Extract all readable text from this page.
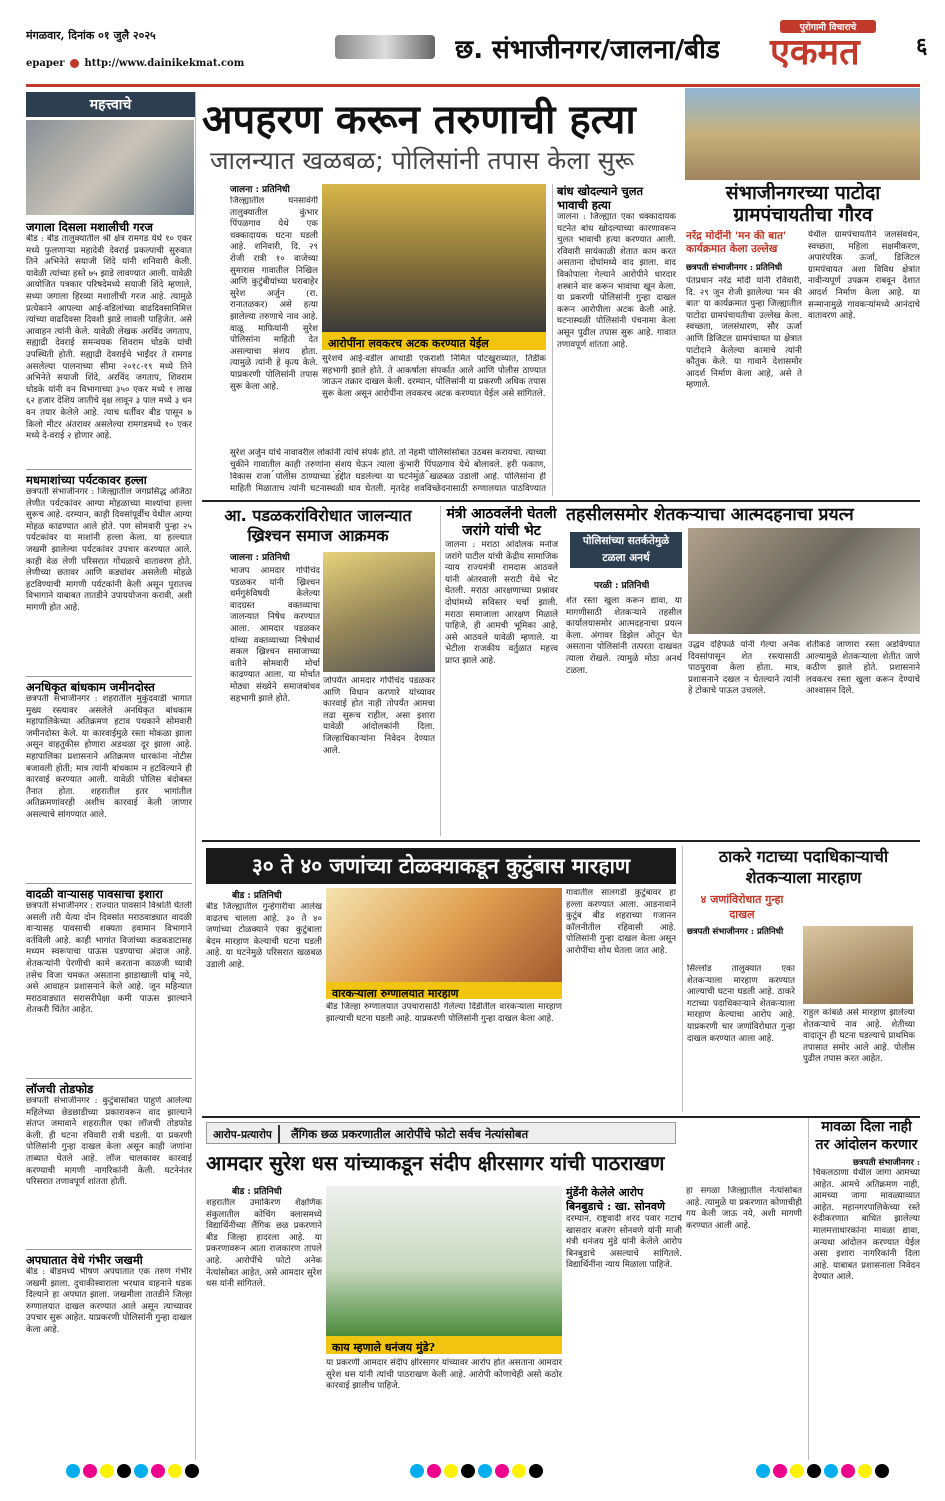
मंगळवार, दिनांक ०१ जुलै २०२५
epaper http://www.dainikekmat.com	छ. संभाजीनगर/जालना/बीड
पुरोगामी विचाराचे
एकमत	६
महत्त्वाचे
जगाला दिसला मशालीची गरज
बीड : बीड तालुक्यातील श्री क्षेत्र रामगड येथे १० एकर मध्ये फुलणाऱ्या महादेवी देवराई प्रकल्पाची सुरुवात तिने अभिनेते सयाजी शिंदे यांनी शनिवारी केली. यावेळी त्यांच्या हस्ते ७५ झाडे लावण्यात आली. यावेळी आयोजित पत्रकार परिषदेमध्ये सयाजी शिंदे म्हणाले, सध्या जगाला हिरव्या मशालीची गरज आहे. त्यामुळे प्रत्येकाने आपल्या आई-वडिलांच्या वाढदिवसानिमित्त त्यांच्या वाढदिवसा दिवशी झाडे लावली पाहिजेत. असे आवाहन त्यांनी केले. यावेळी लेखक अरविंद जगताप, सह्याद्री देवराई समन्वयक शिवराम घोडके यांची उपस्थिती होती. सह्याद्री देवराईचे भाईंदर ते रामगड असलेल्या पालनाच्या सीमा २०१८-१९ मध्ये तिने अभिनेते सयाजी शिंदे, अरविंद जगताप, शिवराम घोडके यांनी वन विभागाच्या ३५० एकर मध्ये १ लाख ६२ हजार देशिय जातीचे वृक्ष लावून ३ पाल मध्ये ३ धन वन तयार केलेले आहे. त्याच धर्तीवर बीड पासून ७ किलो मीटर अंतरावर असलेल्या रामगडमध्ये १० एकर मध्ये दे-वराई २ होणार आहे.
मधमाशांच्या पर्यटकावर हल्ला
छत्रपती संभाजीनगर : जिल्ह्यातील जगप्रसिद्ध अजिंठा लेणीत पर्यटकांवर आग्या मोहळाच्या माश्यांचा हल्ला सुरूच आहे. दरम्यान, काही दिवसांपूर्वीच येथील आग्या मोहळ काढण्यात आले होते. पण सोमवारी पुन्हा २५ पर्यटकांवर या माशांनी हल्ला केला. या हल्ल्यात जखमी झालेल्या पर्यटकांवर उपचार करण्यात आले. काही वेळ लेणी परिसरात गोंधळाचे वातावरण होते. लेणीच्या छतावर आणि कड्यांवर असलेली मोहळे हटविण्याची मागणी पर्यटकांनी केली असून पुरातत्त्व विभागाने याबाबत तातडीने उपाययोजना करावी, अशी मागणी होत आहे.
अनधिकृत बांधकाम जमीनदोस्त
छत्रपती संभाजीनगर : शहरातील मुकुंदवाडी भागात मुख्य रस्त्यावर असलेले अनधिकृत बांधकाम महापालिकेच्या अतिक्रमण हटाव पथकाने सोमवारी जमीनदोस्त केले. या कारवाईमुळे रस्ता मोकळा झाला असून वाहतुकीस होणारा अडथळा दूर झाला आहे. महापालिका प्रशासनाने अतिक्रमण धारकांना नोटीस बजावली होती; मात्र त्यांनी बांधकाम न हटविल्याने ही कारवाई करण्यात आली. यावेळी पोलिस बंदोबस्त तैनात होता. शहरातील इतर भागांतील अतिक्रमणांवरही अशीच कारवाई केली जाणार असल्याचे सांगण्यात आले.
वादळी वाऱ्यासह पावसाचा इशारा
छत्रपती संभाजीनगर : राज्यात पावसाने विश्रांती घेतली असली तरी येत्या दोन दिवसांत मराठवाड्यात वादळी वाऱ्यासह पावसाची शक्यता हवामान विभागाने वर्तविली आहे. काही भागांत विजांच्या कडकडाटासह मध्यम स्वरूपाचा पाऊस पडण्याचा अंदाज आहे. शेतकऱ्यांनी पेरणीची कामे करताना काळजी घ्यावी तसेच विजा चमकत असताना झाडाखाली थांबू नये, असे आवाहन प्रशासनाने केले आहे. जून महिन्यात मराठवाड्यात सरासरीपेक्षा कमी पाऊस झाल्याने शेतकरी चिंतेत आहेत.
लॉजची तोडफोड
छत्रपती संभाजीनगर : कुटुंबासोबत पाहुणे आलेल्या महिलेच्या छेडछाडीच्या प्रकारावरून वाद झाल्याने संतप्त जमावाने शहरातील एका लॉजची तोडफोड केली. ही घटना रविवारी रात्री घडली. या प्रकरणी पोलिसांनी गुन्हा दाखल केला असून काही जणांना ताब्यात घेतले आहे. लॉज चालकावर कारवाई करण्याची मागणी नागरिकांनी केली. घटनेनंतर परिसरात तणावपूर्ण शांतता होती.
अपघातात वेधे गंभीर जखमी
बीड : बीडमध्ये भीषण अपघातात एक तरुण गंभीर जखमी झाला. दुचाकीस्वाराला भरधाव वाहनाने धडक दिल्याने हा अपघात झाला. जखमीला तातडीने जिल्हा रुग्णालयात दाखल करण्यात आले असून त्याच्यावर उपचार सुरू आहेत. याप्रकरणी पोलिसांनी गुन्हा दाखल केला आहे.
अपहरण करून तरुणाची हत्या
जालन्यात खळबळ; पोलिसांनी तपास केला सुरू
जालना : प्रतिनिधी
जिल्ह्यातील घनसावंगी तालुक्यातील कुंभार पिंपळगाव येथे एक धक्कादायक घटना घडली आहे. शनिवारी, दि. २९ रोजी रात्री १० वाजेच्या सुमारास गावातील निखिल आणि कुटुंबीयांच्या घराबाहेर सुरेश अर्जुन (रा. रानातळकर) असे हत्या झालेल्या तरुणाचे नाव आहे. वाळू माफियांनी सुरेश पोलिसांना माहिती देत असल्याचा संशय होता. त्यामुळे त्यांनी हे कृत्य केले. याप्रकरणी पोलिसांनी तपास सुरू केला आहे.
आरोपींना लवकरच अटक करण्यात येईल
सुरेशचे आई-वडील आधाडी एकराशी निमित पोटखुराव्यात, तिडीक सहभागी झाले होते. ते आकर्षाला संपर्कात आले आणि पोलीस ठाण्यात जाऊन तक्रार दाखल केली. दरम्यान, पोलिसांनी या प्रकरणी अधिक तपास सुरू केला असून आरोपींना लवकरच अटक करण्यात येईल असे सांगितले.
सुरेश अर्जुन यांचे नावावरील लोकांनी त्यांचे संपर्क होते. तो नेहमी पोलिसांसोबत उठबस करायचा. त्याच्या चुकीने गावातील काही तरुणांना संशय घेऊन त्याला कुंभारी पिंपळगाव येथे बोलावले. हरी फकाण,
विकास राजा पोलीस ठाण्याच्या हद्दीत घडलेल्या या घटनेमुळे खळबळ उडाली आहे. पोलिसांना ही माहिती मिळाताच त्यांनी घटनास्थळी धाव घेतली. मृतदेह शवविच्छेदनासाठी रुग्णालयात पाठविण्यात
बांध खोदल्याने चुलत भावाची हत्या
जालना : जिल्ह्यात एका धक्कादायक घटनेत बांध खोदल्याच्या कारणावरून चुलत भावाची हत्या करण्यात आली. रविवारी सायंकाळी शेतात काम करत असताना दोघांमध्ये वाद झाला. वाद विकोपाला गेल्याने आरोपीने धारदार शस्त्राने वार करून भावाचा खून केला. या प्रकरणी पोलिसांनी गुन्हा दाखल करून आरोपीला अटक केली आहे. घटनास्थळी पोलिसांनी पंचनामा केला असून पुढील तपास सुरू आहे. गावात तणावपूर्ण शांतता आहे.
संभाजीनगरच्या पाटोदा ग्रामपंचायतीचा गौरव
नरेंद्र मोदींनी 'मन की बात' कार्यक्रमात केला उल्लेख
छत्रपती संभाजीनगर : प्रतिनिधी
पंतप्रधान नरेंद्र मोदी यांनी रविवारी, दि. २९ जून रोजी झालेल्या 'मन की बात' या कार्यक्रमात पुन्हा जिल्ह्यातील पाटोदा ग्रामपंचायतीचा उल्लेख केला. स्वच्छता, जलसंधारण, सौर ऊर्जा आणि डिजिटल ग्रामपंचायत या क्षेत्रात पाटोदाने केलेल्या कामाचे त्यांनी कौतुक केले. या गावाने देशासमोर आदर्श निर्माण केला आहे, असे ते म्हणाले.
येथील ग्रामपंचायतीने जलसंवर्धन, स्वच्छता, महिला सक्षमीकरण, अपारंपरिक ऊर्जा, डिजिटल ग्रामपंचायत अशा विविध क्षेत्रांत नावीन्यपूर्ण उपक्रम राबवून देशात आदर्श निर्माण केला आहे. या सन्मानामुळे गावकऱ्यांमध्ये आनंदाचे वातावरण आहे.
आ. पडळकरांविरोधात जालन्यात ख्रिश्चन समाज आक्रमक
जालना : प्रतिनिधी
भाजप आमदार गोपीचंद पडळकर यांनी ख्रिश्चन धर्मगुरुंविषयी केलेल्या वादग्रस्त वक्तव्याचा जालन्यात निषेध करण्यात आला. आमदार पडळकर यांच्या वक्तव्याच्या निषेधार्थ सकल ख्रिश्चन समाजाच्या वतीने सोमवारी मोर्चा काढण्यात आला. या मोर्चात मोठ्या संख्येने समाजबांधव सहभागी झाले होते.
जोपर्यंत आमदार गोपीचंद पडळकर आणि विधान करणारे यांच्यावर कारवाई होत नाही तोपर्यंत आमचा लढा सुरूच राहील, असा इशारा यावेळी आंदोलकांनी दिला. जिल्हाधिकाऱ्यांना निवेदन देण्यात आले.
मंत्री आठवलेंनी घेतली जरांगे यांची भेट
जालना : मराठा आंदोलक मनोज जरांगे पाटील यांची केंद्रीय सामाजिक न्याय राज्यमंत्री रामदास आठवले यांनी अंतरवाली सराटी येथे भेट घेतली. मराठा आरक्षणाच्या प्रश्नावर दोघांमध्ये सविस्तर चर्चा झाली. मराठा समाजाला आरक्षण मिळाले पाहिजे, ही आमची भूमिका आहे, असे आठवले यावेळी म्हणाले. या भेटीला राजकीय वर्तुळात महत्त्व प्राप्त झाले आहे.
तहसीलसमोर शेतकऱ्याचा आत्मदहनाचा प्रयत्न
पोलिसांच्या सतर्कतेमुळे टळला अनर्थ
परळी : प्रतिनिधी
शेत रस्ता खुला करून द्यावा, या मागणीसाठी शेतकऱ्याने तहसील कार्यालयासमोर आत्मदहनाचा प्रयत्न केला. अंगावर डिझेल ओतून घेत असताना पोलिसांनी तत्परता दाखवत त्याला रोखले. त्यामुळे मोठा अनर्थ टळला.
उद्धव दहिफळे यांनी गेल्या अनेक दिवसांपासून शेत रस्त्यासाठी पाठपुरावा केला होता. मात्र, प्रशासनाने दखल न घेतल्याने त्यांनी हे टोकाचे पाऊल उचलले.
शेतीकडे जाणारा रस्ता अडविण्यात आल्यामुळे शेतकऱ्याला शेतीत जाणे कठीण झाले होते. प्रशासनाने लवकरच रस्ता खुला करून देण्याचे आश्वासन दिले.
३० ते ४० जणांच्या टोळक्याकडून कुटुंबास मारहाण
बीड : प्रतिनिधी
बीड जिल्ह्यातील गुन्हेगारीचा आलेख वाढतच चालला आहे. ३० ते ४० जणांच्या टोळक्याने एका कुटुंबाला बेदम मारहाण केल्याची घटना घडली आहे. या घटनेमुळे परिसरात खळबळ उडाली आहे.
वारकऱ्याला रुग्णालयात मारहाण
बीड जिल्हा रुग्णालयात उपचारासाठी गेलेल्या दिंडीतील वारकऱ्याला मारहाण झाल्याची घटना घडली आहे. याप्रकरणी पोलिसांनी गुन्हा दाखल केला आहे.
गावातील सालगडी कुटुंबावर हा हल्ला करण्यात आला. आडनावाने कुटुंब बीड शहराच्या गजानन कॉलनीतील रहिवासी आहे. पोलिसांनी गुन्हा दाखल केला असून आरोपींचा शोध घेतला जात आहे.
ठाकरे गटाच्या पदाधिकाऱ्याची शेतकऱ्याला मारहाण
४ जणांविरोधात गुन्हा दाखल
छत्रपती संभाजीनगर : प्रतिनिधी
सिल्लोड तालुक्यात एका शेतकऱ्याला मारहाण करण्यात आल्याची घटना घडली आहे. ठाकरे गटाच्या पदाधिकाऱ्याने शेतकऱ्याला मारहाण केल्याचा आरोप आहे. याप्रकरणी चार जणांविरोधात गुन्हा दाखल करण्यात आला आहे.
राहुल कांबळे असे मारहाण झालेल्या शेतकऱ्याचे नाव आहे. शेतीच्या वादातून ही घटना घडल्याचे प्राथमिक तपासात समोर आले आहे. पोलीस पुढील तपास करत आहेत.
आरोप-प्रत्यारोप लैंगिक छळ प्रकरणातील आरोपींचे फोटो सर्वच नेत्यांसोबत
आमदार सुरेश धस यांच्याकडून संदीप क्षीरसागर यांची पाठराखण
बीड : प्रतिनिधी
शहरातील उमाकिरण शैक्षणिक संकुलातील कोचिंग क्लासमध्ये विद्यार्थिनींच्या लैंगिक छळ प्रकरणाने बीड जिल्हा हादरला आहे. या प्रकरणावरून आता राजकारण तापले आहे. आरोपींचे फोटो अनेक नेत्यांसोबत आहेत, असे आमदार सुरेश धस यांनी सांगितले.
काय म्हणाले धनंजय मुंडे?
या प्रकरणी आमदार संदीप क्षीरसागर यांच्यावर आरोप होत असताना आमदार सुरेश धस यांनी त्यांची पाठराखण केली आहे. आरोपी कोणाचेही असो कठोर कारवाई झालीच पाहिजे.
मुंडेंनी केलेले आरोप बिनबुडाचे : खा. सोनवणे
दरम्यान, राष्ट्रवादी शरद पवार गटाचे खासदार बजरंग सोनवणे यांनी माजी मंत्री धनंजय मुंडे यांनी केलेले आरोप बिनबुडाचे असल्याचे सांगितले. विद्यार्थिनींना न्याय मिळाला पाहिजे.
हा सगळा जिल्ह्यातील नेत्यांसोबत आहे. त्यामुळे या प्रकरणात कोणाचीही गय केली जाऊ नये, अशी मागणी करण्यात आली आहे.
मावळा दिला नाही तर आंदोलन करणार
छत्रपती संभाजीनगर :
चिकलठाणा येथील जागा आमच्या आहेत. आमचे अतिक्रमण नाही, आमच्या जागा मावळ्याव्यात आहेत. महानगरपालिकेच्या रस्ते रुंदीकरणात बाधित झालेल्या मालमत्ताधारकांना मावळा द्यावा, अन्यथा आंदोलन करण्यात येईल असा इशारा नागरिकांनी दिला आहे. याबाबत प्रशासनाला निवेदन देण्यात आले.
